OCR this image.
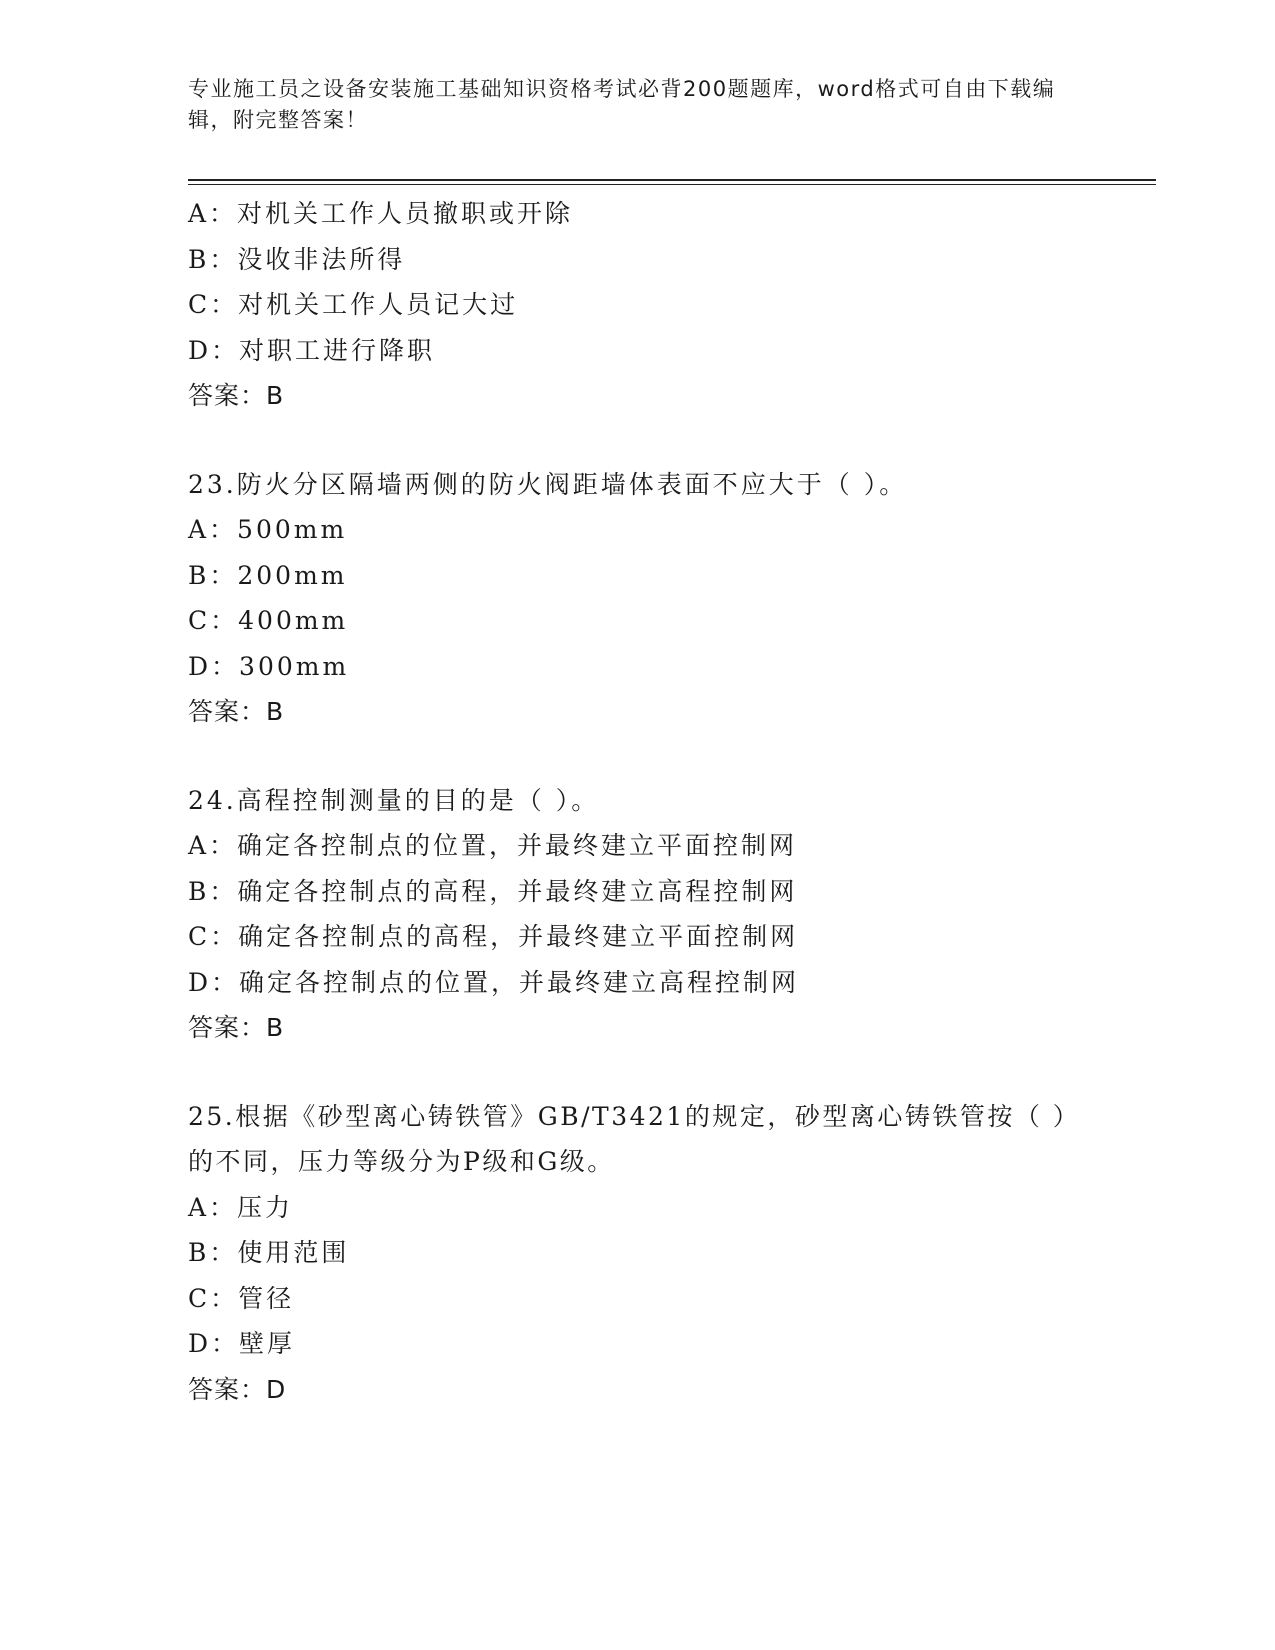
专业施工员之设备安装施工基础知识资格考试必背200题题库，word格式可自由下载编辑，附完整答案！
A：对机关工作人员撤职或开除
B：没收非法所得
C：对机关工作人员记大过
D：对职工进行降职
答案：B
23.防火分区隔墙两侧的防火阀距墙体表面不应大于（ ）。
A：500mm
B：200mm
C：400mm
D：300mm
答案：B
24.高程控制测量的目的是（ ）。
A：确定各控制点的位置，并最终建立平面控制网
B：确定各控制点的高程，并最终建立高程控制网
C：确定各控制点的高程，并最终建立平面控制网
D：确定各控制点的位置，并最终建立高程控制网
答案：B
25.根据《砂型离心铸铁管》GB/T3421的规定，砂型离心铸铁管按（ ）的不同，压力等级分为P级和G级。
A：压力
B：使用范围
C：管径
D：壁厚
答案：D
